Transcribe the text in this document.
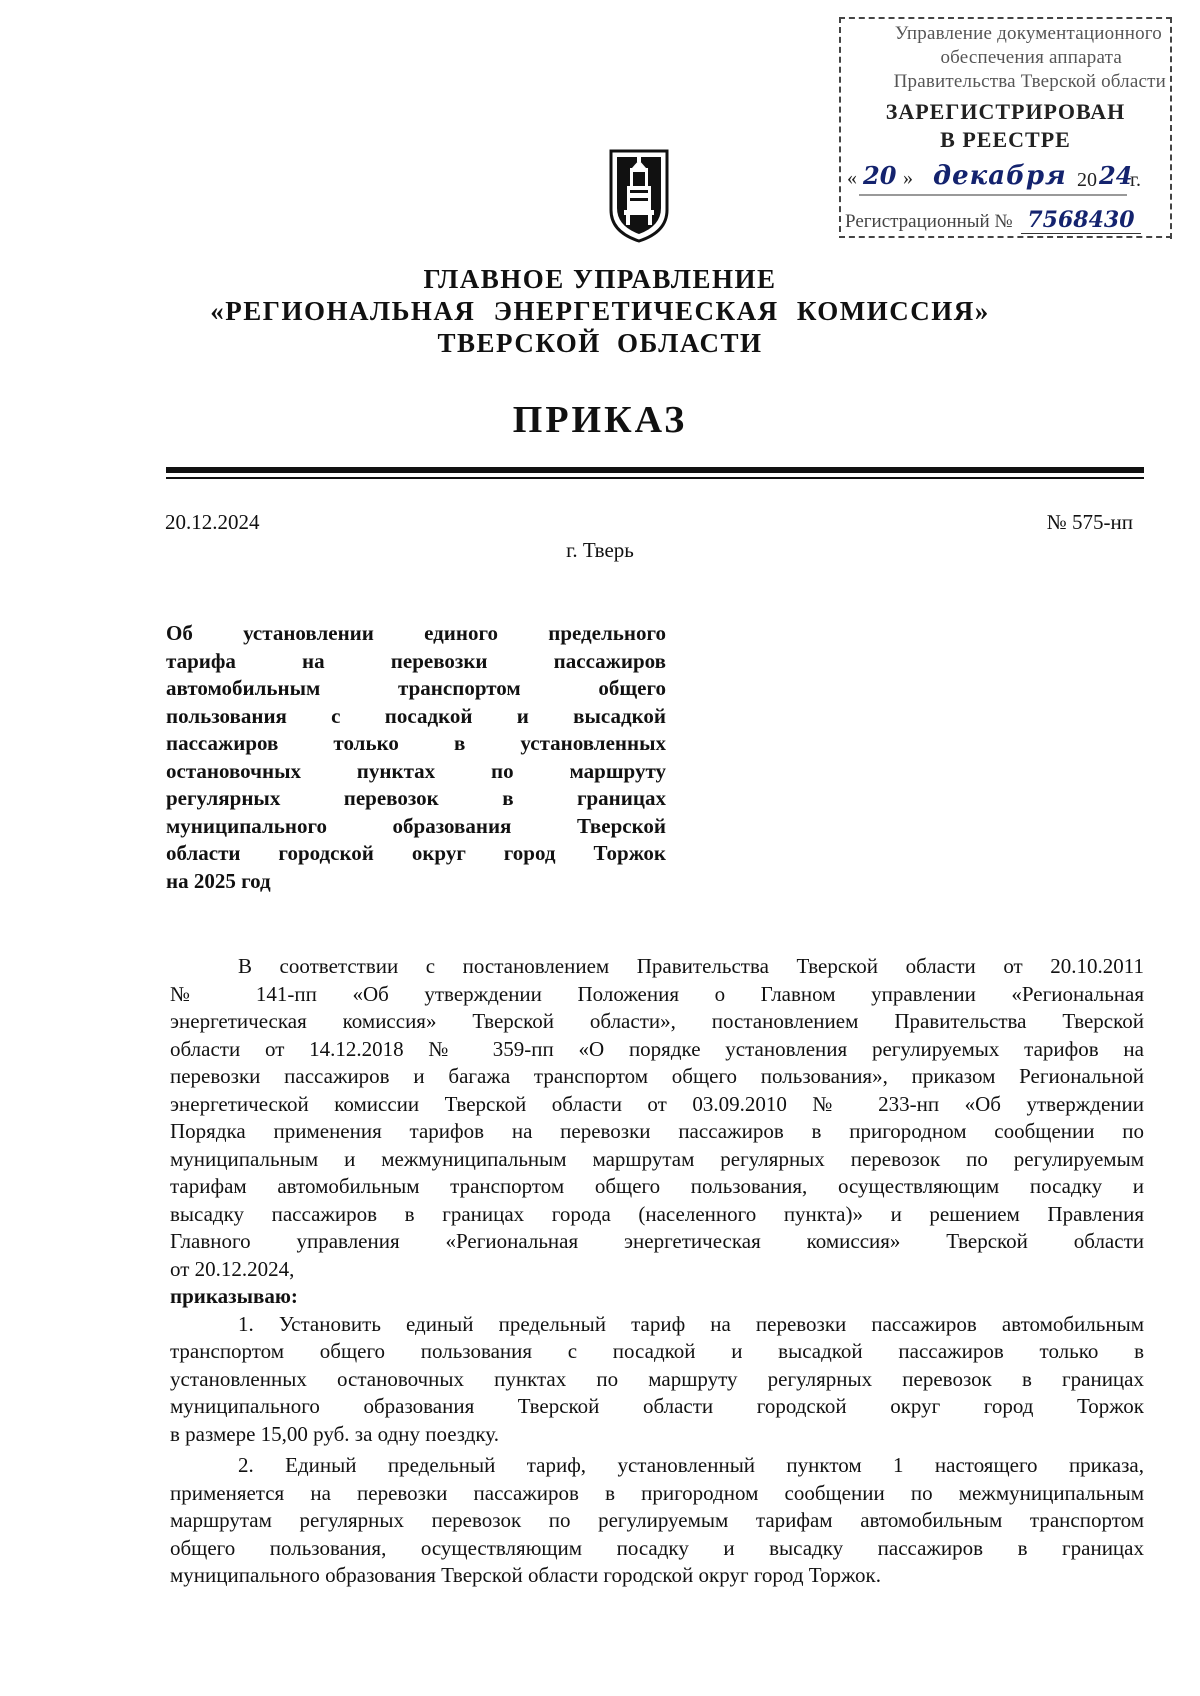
Управление документационного
обеспечения аппарата
Правительства Тверской области
ЗАРЕГИСТРИРОВАН
В РЕЕСТРЕ
« 20 » декабря 20 24
г.
Регистрационный № 7568430
ГЛАВНОЕ УПРАВЛЕНИЕ
«РЕГИОНАЛЬНАЯ ЭНЕРГЕТИЧЕСКАЯ КОМИССИЯ»
ТВЕРСКОЙ ОБЛАСТИ
ПРИКАЗ
20.12.2024	№ 575-нп
г. Тверь
Об установлении единого предельного
тарифа на перевозки пассажиров
автомобильным транспортом общего
пользования с посадкой и высадкой
пассажиров только в установленных
остановочных пунктах по маршруту
регулярных перевозок в границах
муниципального образования Тверской
области городской округ город Торжок
на 2025 год
В соответствии с постановлением Правительства Тверской области от 20.10.2011
№ 141-пп «Об утверждении Положения о Главном управлении «Региональная
энергетическая комиссия» Тверской области», постановлением Правительства Тверской
области от 14.12.2018 № 359-пп «О порядке установления регулируемых тарифов на
перевозки пассажиров и багажа транспортом общего пользования», приказом Региональной
энергетической комиссии Тверской области от 03.09.2010 № 233-нп «Об утверждении
Порядка применения тарифов на перевозки пассажиров в пригородном сообщении по
муниципальным и межмуниципальным маршрутам регулярных перевозок по регулируемым
тарифам автомобильным транспортом общего пользования, осуществляющим посадку и
высадку пассажиров в границах города (населенного пункта)» и решением Правления
Главного управления «Региональная энергетическая комиссия» Тверской области
от 20.12.2024,
приказываю:
1. Установить единый предельный тариф на перевозки пассажиров автомобильным
транспортом общего пользования с посадкой и высадкой пассажиров только в
установленных остановочных пунктах по маршруту регулярных перевозок в границах
муниципального образования Тверской области городской округ город Торжок
в размере 15,00 руб. за одну поездку.
2. Единый предельный тариф, установленный пунктом 1 настоящего приказа,
применяется на перевозки пассажиров в пригородном сообщении по межмуниципальным
маршрутам регулярных перевозок по регулируемым тарифам автомобильным транспортом
общего пользования, осуществляющим посадку и высадку пассажиров в границах
муниципального образования Тверской области городской округ город Торжок.
